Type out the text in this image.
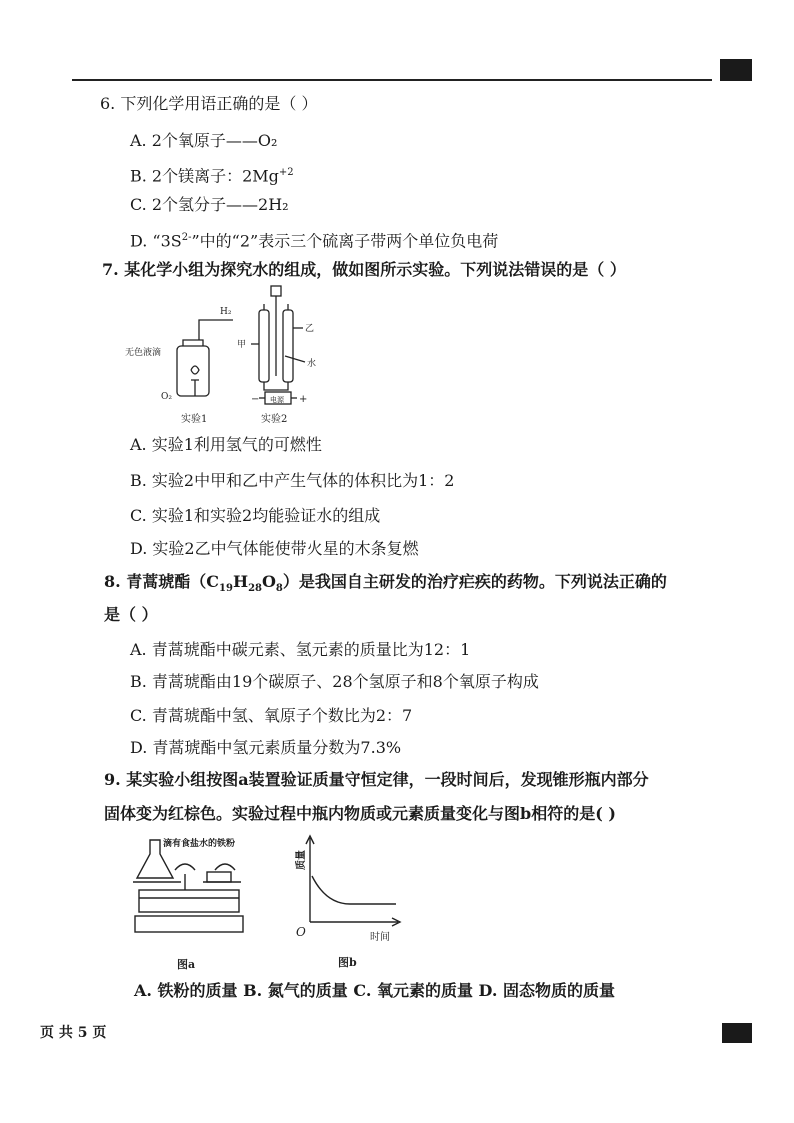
6. 下列化学用语正确的是（ ）
A. 2个氧原子——O₂
B. 2个镁离子：$2Mg^{+2}$
C. 2个氢分子——2H₂
D. “$3S^{2-}$”中的“2”表示三个硫离子带两个单位负电荷
7. 某化学小组为探究水的组成，做如图所示实验。下列说法错误的是（ ）
H₂
无色液滴
O₂
实验1
甲
乙
水
电源
−	+
实验2
A. 实验1利用氢气的可燃性
B. 实验2中甲和乙中产生气体的体积比为1：2
C. 实验1和实验2均能验证水的组成
D. 实验2乙中气体能使带火星的木条复燃
8. 青蒿琥酯$(C_{19}H_{28}O_8)$是我国自主研发的治疗疟疾的药物。下列说法正确的
是（ ）
A. 青蒿琥酯中碳元素、氢元素的质量比为12：1
B. 青蒿琥酯由19个碳原子、28个氢原子和8个氧原子构成
C. 青蒿琥酯中氢、氧原子个数比为2：7
D. 青蒿琥酯中氢元素质量分数为7.3%
9. 某实验小组按图a装置验证质量守恒定律，一段时间后，发现锥形瓶内部分
固体变为红棕色。实验过程中瓶内物质或元素质量变化与图b相符的是( )
滴有食盐水的铁粉
图a
质量
O	时间
图b
A. 铁粉的质量 B. 氮气的质量 C. 氧元素的质量 D. 固态物质的质量
页 共 5 页
